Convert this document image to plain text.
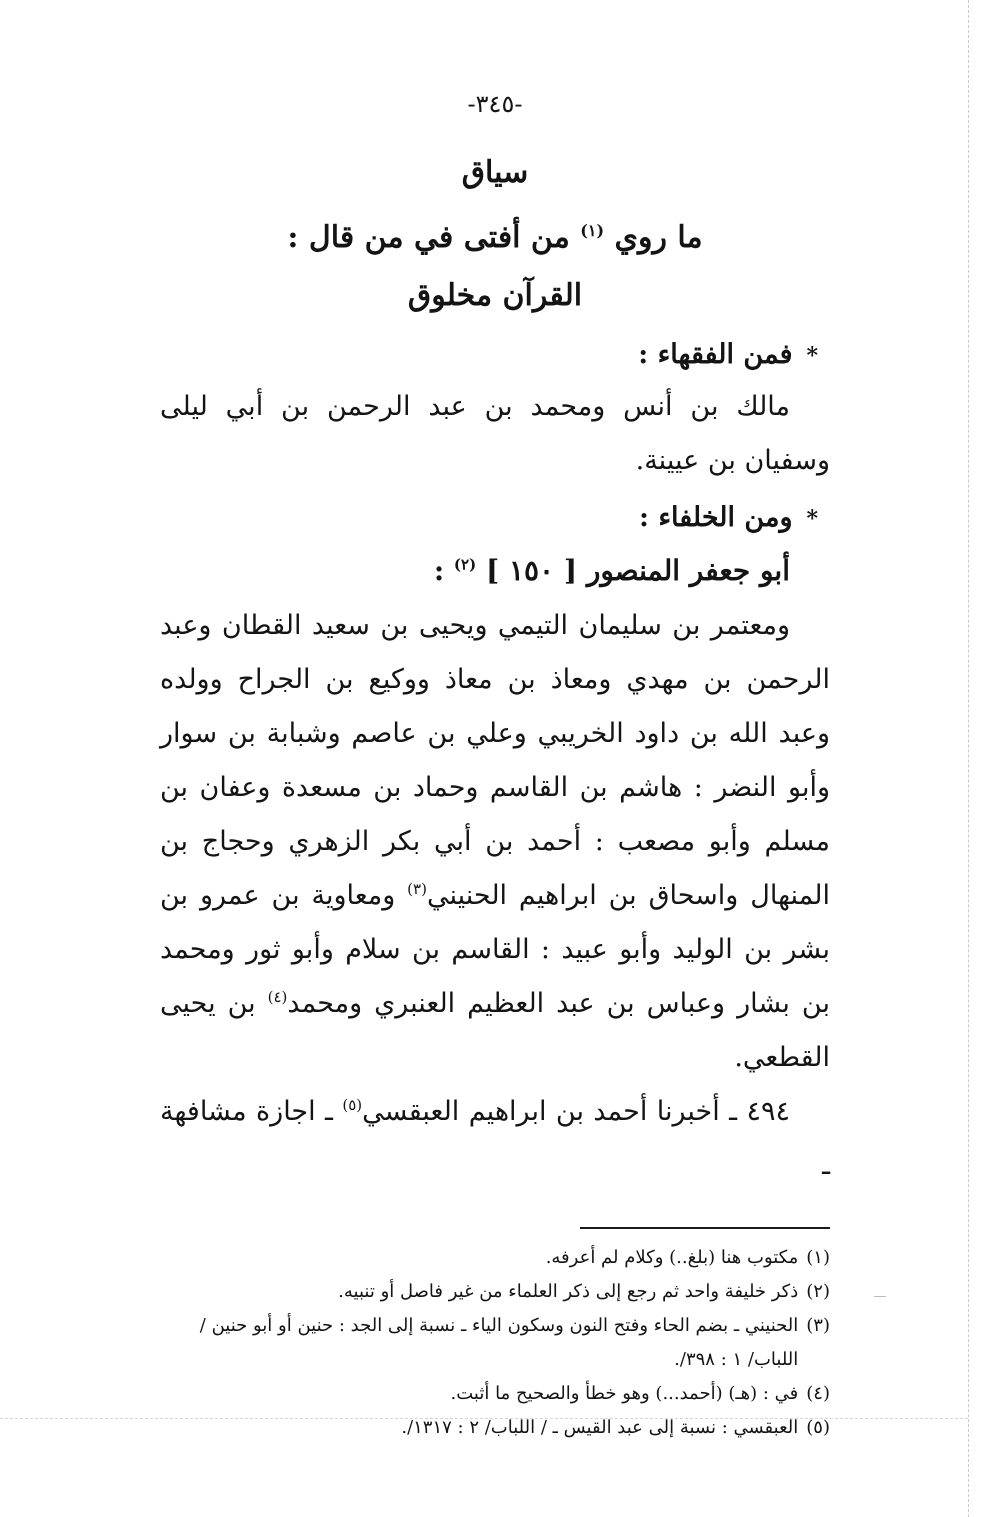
-٣٤٥-
سياق
ما روي $^{(١)}$ من أفتى في من قال :
القرآن مخلوق
*فمن الفقهاء :

مالك بن أنس ومحمد بن عبد الرحمن بن أبي ليلى وسفيان بن عيينة.

*ومن الخلفاء :
أبو جعفر المنصور [ ١٥٠ ] $^{(٢)}$ :

ومعتمر بن سليمان التيمي ويحيى بن سعيد القطان وعبد الرحمن بن مهدي ومعاذ بن معاذ ووكيع بن الجراح وولده وعبد الله بن داود الخريبي وعلي بن عاصم وشبابة بن سوار وأبو النضر : هاشم بن القاسم وحماد بن مسعدة وعفان بن مسلم وأبو مصعب : أحمد بن أبي بكر الزهري وحجاج بن المنهال واسحاق بن ابراهيم الحنيني$^{(٣)}$ ومعاوية بن عمرو بن بشر بن الوليد وأبو عبيد : القاسم بن سلام وأبو ثور ومحمد بن بشار وعباس بن عبد العظيم العنبري ومحمد$^{(٤)}$ بن يحيى القطعي.

٤٩٤ ـ أخبرنا أحمد بن ابراهيم العبقسي$^{(٥)}$ ـ اجازة مشافهة ـ

(١)
مكتوب هنا (بلغ..) وكلام لم أعرفه.
(٢)
ذكر خليفة واحد ثم رجع إلى ذكر العلماء من غير فاصل أو تنبيه.
(٣)
الحنيني ـ بضم الحاء وفتح النون وسكون الياء ـ نسبة إلى الجد : حنين أو أبو حنين / اللباب/ ١ : ٣٩٨/.
(٤)
في : (هـ) (أحمد...) وهو خطأ والصحيح ما أثبت.
(٥)
العبقسي : نسبة إلى عبد القيس ـ / اللباب/ ٢ : ١٣١٧/.
